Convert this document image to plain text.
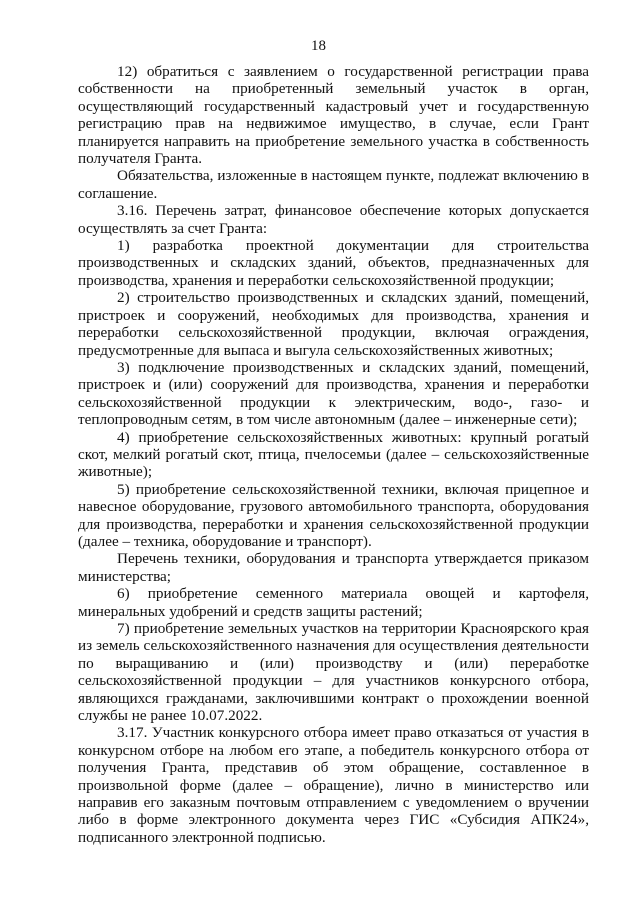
18

12) обратиться с заявлением о государственной регистрации права собственности на приобретенный земельный участок в орган, осуществляющий государственный кадастровый учет и государственную регистрацию прав на недвижимое имущество, в случае, если Грант планируется направить на приобретение земельного участка в собственность получателя Гранта.

Обязательства, изложенные в настоящем пункте, подлежат включению в соглашение.

3.16. Перечень затрат, финансовое обеспечение которых допускается осуществлять за счет Гранта:

1) разработка проектной документации для строительства производственных и складских зданий, объектов, предназначенных для производства, хранения и переработки сельскохозяйственной продукции;

2) строительство производственных и складских зданий, помещений, пристроек и сооружений, необходимых для производства, хранения и переработки сельскохозяйственной продукции, включая ограждения, предусмотренные для выпаса и выгула сельскохозяйственных животных;

3) подключение производственных и складских зданий, помещений, пристроек и (или) сооружений для производства, хранения и переработки сельскохозяйственной продукции к электрическим, водо-, газо- и теплопроводным сетям, в том числе автономным (далее – инженерные сети);

4) приобретение сельскохозяйственных животных: крупный рогатый скот, мелкий рогатый скот, птица, пчелосемьи (далее – сельскохозяйственные животные);

5) приобретение сельскохозяйственной техники, включая прицепное и навесное оборудование, грузового автомобильного транспорта, оборудования для производства, переработки и хранения сельскохозяйственной продукции (далее – техника, оборудование и транспорт).

Перечень техники, оборудования и транспорта утверждается приказом министерства;

6) приобретение семенного материала овощей и картофеля, минеральных удобрений и средств защиты растений;

7) приобретение земельных участков на территории Красноярского края из земель сельскохозяйственного назначения для осуществления деятельности по выращиванию и (или) производству и (или) переработке сельскохозяйственной продукции – для участников конкурсного отбора, являющихся гражданами, заключившими контракт о прохождении военной службы не ранее 10.07.2022.

3.17. Участник конкурсного отбора имеет право отказаться от участия в конкурсном отборе на любом его этапе, а победитель конкурсного отбора от получения Гранта, представив об этом обращение, составленное в произвольной форме (далее – обращение), лично в министерство или направив его заказным почтовым отправлением с уведомлением о вручении либо в форме электронного документа через ГИС «Субсидия АПК24», подписанного электронной подписью.
